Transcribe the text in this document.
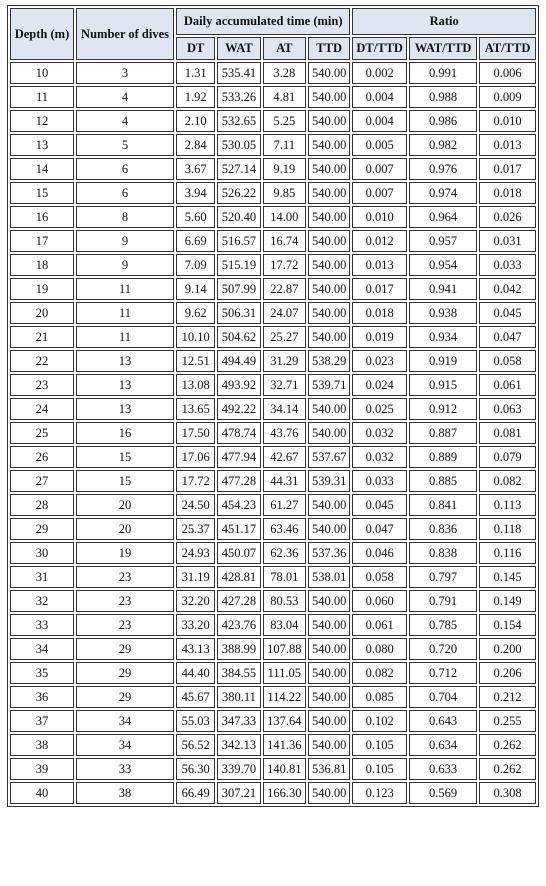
Depth (m)	Number of dives	Daily accumulated time (min)				Ratio		
		DT	WAT	AT	TTD	DT/TTD	WAT/TTD	AT/TTD
10	3	1.31	535.41	3.28	540.00	0.002	0.991	0.006
11	4	1.92	533.26	4.81	540.00	0.004	0.988	0.009
12	4	2.10	532.65	5.25	540.00	0.004	0.986	0.010
13	5	2.84	530.05	7.11	540.00	0.005	0.982	0.013
14	6	3.67	527.14	9.19	540.00	0.007	0.976	0.017
15	6	3.94	526.22	9.85	540.00	0.007	0.974	0.018
16	8	5.60	520.40	14.00	540.00	0.010	0.964	0.026
17	9	6.69	516.57	16.74	540.00	0.012	0.957	0.031
18	9	7.09	515.19	17.72	540.00	0.013	0.954	0.033
19	11	9.14	507.99	22.87	540.00	0.017	0.941	0.042
20	11	9.62	506.31	24.07	540.00	0.018	0.938	0.045
21	11	10.10	504.62	25.27	540.00	0.019	0.934	0.047
22	13	12.51	494.49	31.29	538.29	0.023	0.919	0.058
23	13	13.08	493.92	32.71	539.71	0.024	0.915	0.061
24	13	13.65	492.22	34.14	540.00	0.025	0.912	0.063
25	16	17.50	478.74	43.76	540.00	0.032	0.887	0.081
26	15	17.06	477.94	42.67	537.67	0.032	0.889	0.079
27	15	17.72	477.28	44.31	539.31	0.033	0.885	0.082
28	20	24.50	454.23	61.27	540.00	0.045	0.841	0.113
29	20	25.37	451.17	63.46	540.00	0.047	0.836	0.118
30	19	24.93	450.07	62.36	537.36	0.046	0.838	0.116
31	23	31.19	428.81	78.01	538.01	0.058	0.797	0.145
32	23	32.20	427.28	80.53	540.00	0.060	0.791	0.149
33	23	33.20	423.76	83.04	540.00	0.061	0.785	0.154
34	29	43.13	388.99	107.88	540.00	0.080	0.720	0.200
35	29	44.40	384.55	111.05	540.00	0.082	0.712	0.206
36	29	45.67	380.11	114.22	540.00	0.085	0.704	0.212
37	34	55.03	347.33	137.64	540.00	0.102	0.643	0.255
38	34	56.52	342.13	141.36	540.00	0.105	0.634	0.262
39	33	56.30	339.70	140.81	536.81	0.105	0.633	0.262
40	38	66.49	307.21	166.30	540.00	0.123	0.569	0.308
